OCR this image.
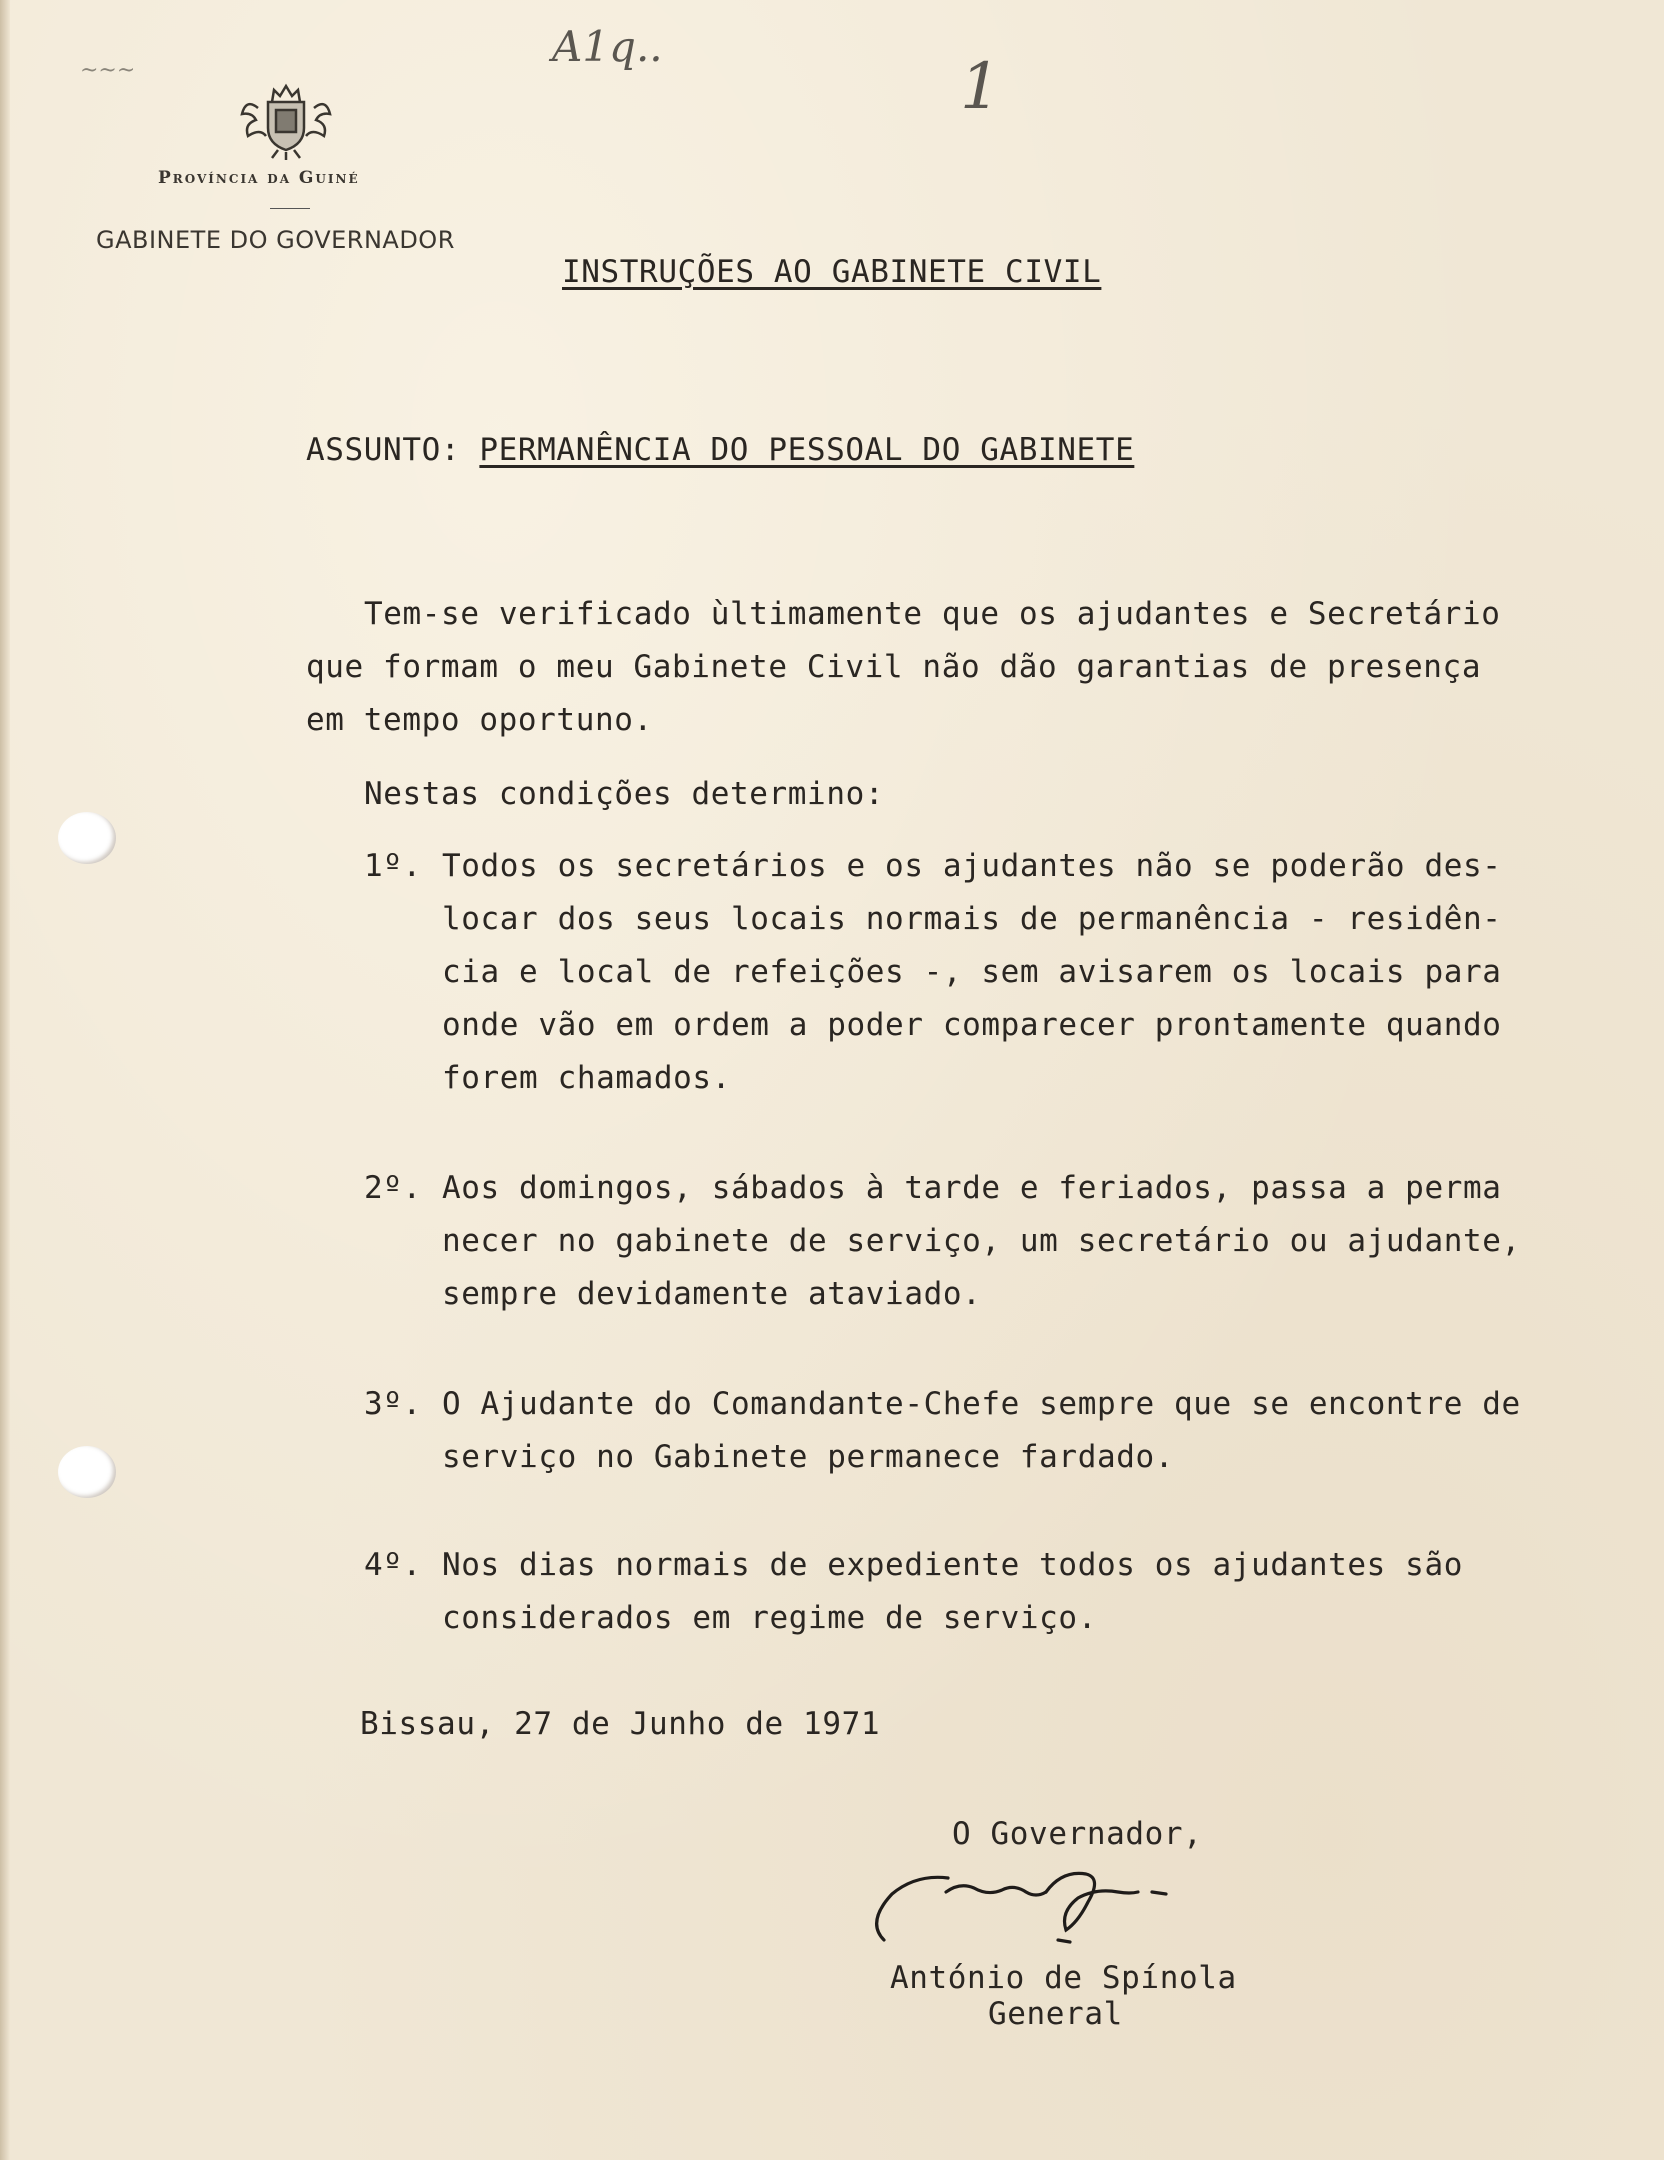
~~~	A1q..
1
Província da Guiné
GABINETE DO GOVERNADOR
INSTRUÇÕES AO GABINETE CIVIL
ASSUNTO: PERMANÊNCIA DO PESSOAL DO GABINETE
Tem-se verificado ùltimamente que os ajudantes e Secretário
que formam o meu Gabinete Civil não dão garantias de presença
em tempo oportuno.
Nestas condições determino:
1º. Todos os secretários e os ajudantes não se poderão des-
locar dos seus locais normais de permanência - residên-
cia e local de refeições -, sem avisarem os locais para
onde vão em ordem a poder comparecer prontamente quando
forem chamados.
2º. Aos domingos, sábados à tarde e feriados, passa a perma
necer no gabinete de serviço, um secretário ou ajudante,
sempre devidamente ataviado.
3º. O Ajudante do Comandante-Chefe sempre que se encontre de
serviço no Gabinete permanece fardado.
4º. Nos dias normais de expediente todos os ajudantes são
considerados em regime de serviço.
Bissau, 27 de Junho de 1971
O Governador,
António de Spínola
General
